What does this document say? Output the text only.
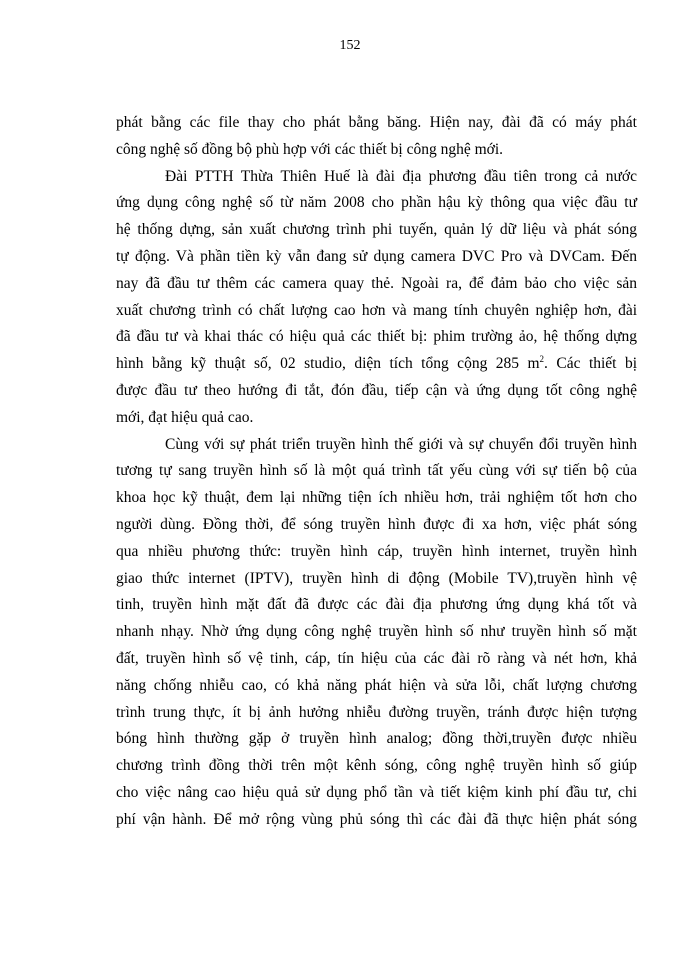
152
phát bằng các file thay cho phát bằng băng. Hiện nay, đài đã có máy phát
công nghệ số đồng bộ phù hợp với các thiết bị công nghệ mới.
Đài PTTH Thừa Thiên Huế là đài địa phương đầu tiên trong cả nước
ứng dụng công nghệ số từ năm 2008 cho phần hậu kỳ thông qua việc đầu tư
hệ thống dựng, sản xuất chương trình phi tuyến, quản lý dữ liệu và phát sóng
tự động. Và phần tiền kỳ vẫn đang sử dụng camera DVC Pro và DVCam. Đến
nay đã đầu tư thêm các camera quay thẻ. Ngoài ra, để đảm bảo cho việc sản
xuất chương trình có chất lượng cao hơn và mang tính chuyên nghiệp hơn, đài
đã đầu tư và khai thác có hiệu quả các thiết bị: phim trường ảo, hệ thống dựng
hình bằng kỹ thuật số, 02 studio, diện tích tổng cộng 285 $m^2$. Các thiết bị
được đầu tư theo hướng đi tắt, đón đầu, tiếp cận và ứng dụng tốt công nghệ
mới, đạt hiệu quả cao.
Cùng với sự phát triển truyền hình thế giới và sự chuyển đổi truyền hình
tương tự sang truyền hình số là một quá trình tất yếu cùng với sự tiến bộ của
khoa học kỹ thuật, đem lại những tiện ích nhiều hơn, trải nghiệm tốt hơn cho
người dùng. Đồng thời, để sóng truyền hình được đi xa hơn, việc phát sóng
qua nhiều phương thức: truyền hình cáp, truyền hình internet, truyền hình
giao thức internet (IPTV), truyền hình di động (Mobile TV),truyền hình vệ
tinh, truyền hình mặt đất đã được các đài địa phương ứng dụng khá tốt và
nhanh nhạy. Nhờ ứng dụng công nghệ truyền hình số như truyền hình số mặt
đất, truyền hình số vệ tinh, cáp, tín hiệu của các đài rõ ràng và nét hơn, khả
năng chống nhiễu cao, có khả năng phát hiện và sửa lỗi, chất lượng chương
trình trung thực, ít bị ảnh hưởng nhiễu đường truyền, tránh được hiện tượng
bóng hình thường gặp ở truyền hình analog; đồng thời,truyền được nhiều
chương trình đồng thời trên một kênh sóng, công nghệ truyền hình số giúp
cho việc nâng cao hiệu quả sử dụng phổ tần và tiết kiệm kinh phí đầu tư, chi
phí vận hành. Để mở rộng vùng phủ sóng thì các đài đã thực hiện phát sóng
